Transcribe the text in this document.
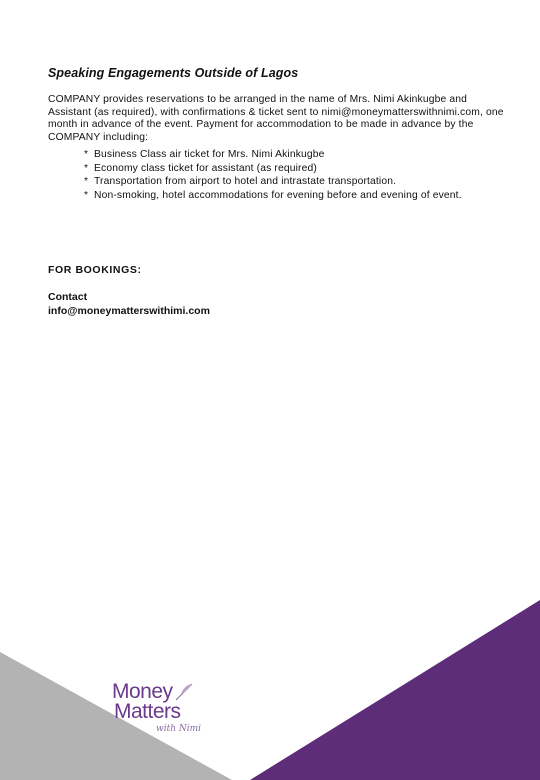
Speaking Engagements Outside of Lagos

COMPANY provides reservations to be arranged in the name of Mrs. Nimi Akinkugbe and Assistant (as required), with confirmations & ticket sent to nimi@moneymatterswithnimi.com, one month in advance of the event. Payment for accommodation to be made in advance by the COMPANY including:

* Business Class air ticket for Mrs. Nimi Akinkugbe
* Economy class ticket for assistant (as required)
* Transportation from airport to hotel and intrastate transportation.
* Non-smoking, hotel accommodations for evening before and evening of event.
FOR BOOKINGS:
Contact
info@moneymatterswithimi.com
Money
Matters
with Nimi
